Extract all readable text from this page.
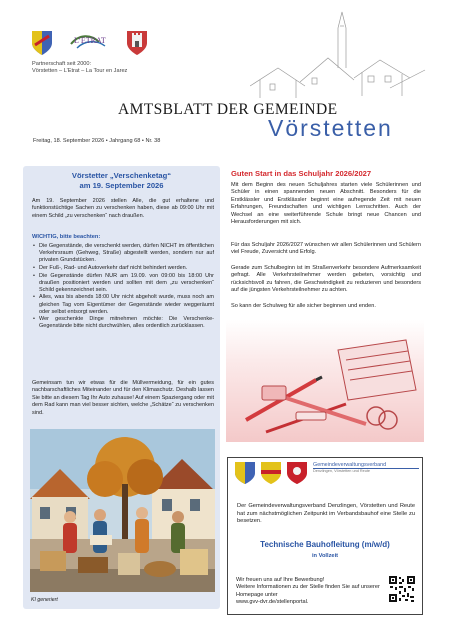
L’ETRAT
Partnerschaft seit 2000:
Vörstetten – L’Etrat – La Tour en Jarez
AMTSBLATT DER GEMEINDE
Vörstetten
Freitag, 18. September 2026 • Jahrgang 68 • Nr. 38
Vörstetter „Verschenketag“
am 19. September 2026

Am 19. September 2026 stellen Alle, die gut erhaltene und funktionstüchtige Sachen zu verschenken haben, diese ab 09:00 Uhr mit einem Schild „zu verschenken“ nach draußen.

WICHTIG, bitte beachten:
• Die Gegenstände, die verschenkt werden, dürfen NICHT im öffentlichen Verkehrsraum (Gehweg, Straße) abgestellt werden, sondern nur auf privaten Grundstücken.
• Der Fuß-, Rad- und Autoverkehr darf nicht behindert werden.
• Die Gegenstände dürfen NUR am 19.09. von 09:00 bis 18:00 Uhr draußen positioniert werden und sollten mit dem „zu verschenken“ Schild gekennzeichnet sein.
• Alles, was bis abends 18:00 Uhr nicht abgeholt wurde, muss noch am gleichen Tag vom Eigentümer der Gegenstände wieder weggeräumt oder selbst entsorgt werden.
• Wer geschenkte Dinge mitnehmen möchte: Die Verschenke-Gegenstände bitte nicht durchwühlen, alles ordentlich zurücklassen.

Gemeinsam tun wir etwas für die Müllvermeidung, für ein gutes nachbarschaftliches Miteinander und für den Klimaschutz. Deshalb lassen Sie bitte an diesem Tag Ihr Auto zuhause! Auf einem Spaziergang oder mit dem Rad kann man viel besser sichten, welche „Schätze“ zu verschenken sind.

KI generiert
Guten Start in das Schuljahr 2026/2027

Mit dem Beginn des neuen Schuljahres starten viele Schülerinnen und Schüler in einen spannenden neuen Abschnitt. Besonders für die Erstklässler und Erstklässler beginnt eine aufregende Zeit mit neuen Erfahrungen, Freundschaften und wichtigen Lernschritten. Auch der Wechsel an eine weiterführende Schule bringt neue Chancen und Herausforderungen mit sich.

Für das Schuljahr 2026/2027 wünschen wir allen Schülerinnen und Schülern viel Freude, Zuversicht und Erfolg.

Gerade zum Schulbeginn ist im Straßenverkehr besondere Aufmerksamkeit gefragt. Alle Verkehrsteilnehmer werden gebeten, vorsichtig und rücksichtsvoll zu fahren, die Geschwindigkeit zu reduzieren und besonders auf die jüngsten Verkehrsteilnehmer zu achten.

So kann der Schulweg für alle sicher beginnen und enden.

Gemeindeverwaltungsverband
Denzlingen, Vörstetten und Reute

Der Gemeindeverwaltungsverband Denzlingen, Vörstetten und Reute hat zum nächstmöglichen Zeitpunkt im Verbandsbauhof eine Stelle zu besetzen.

Technische Bauhofleitung (m/w/d)
in Vollzeit
Wir freuen uns auf Ihre Bewerbung!
Weitere Informationen zu der Stelle finden Sie auf unserer Homepage unter
www.gvv-dvr.de/stellenportal.
